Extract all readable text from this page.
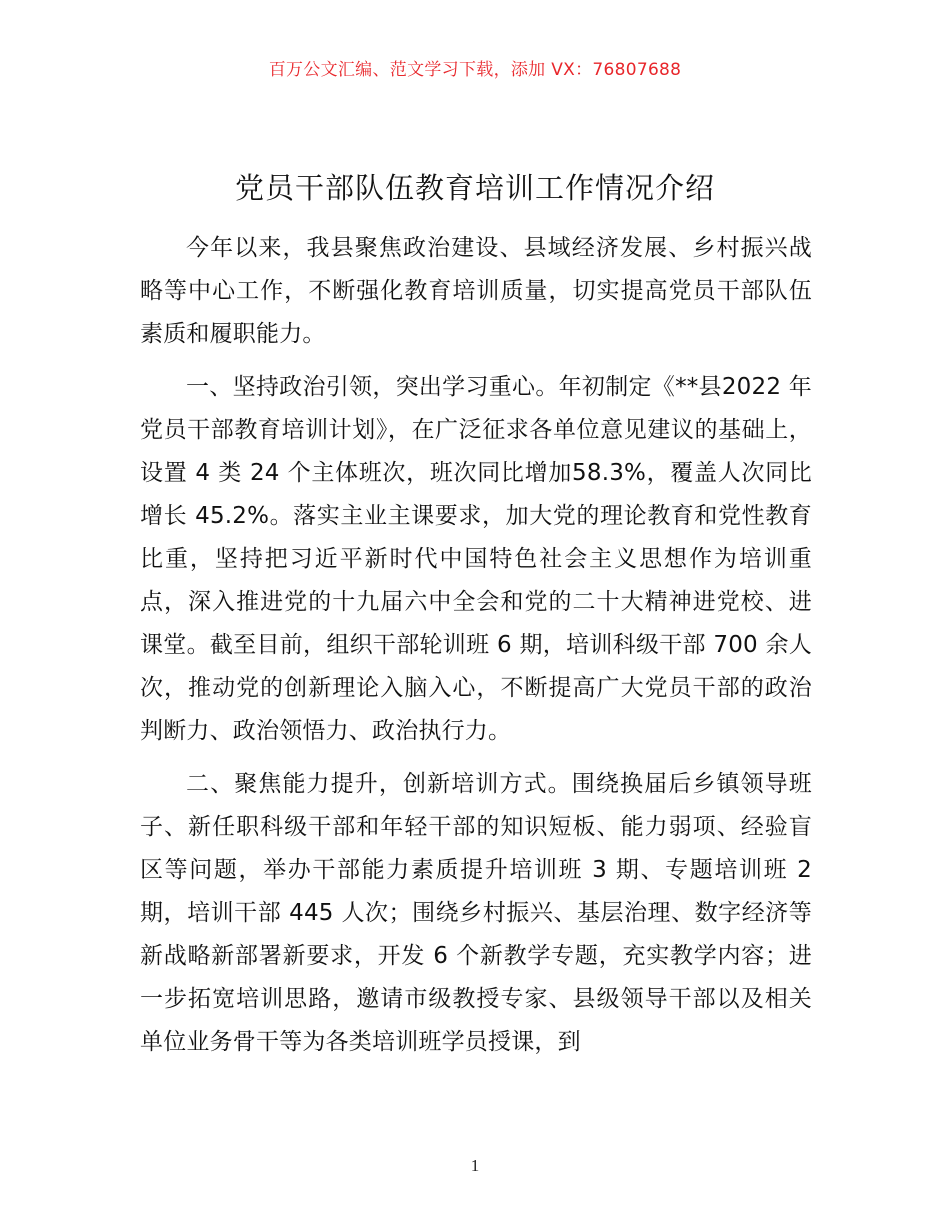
百万公文汇编、范文学习下载，添加 VX：76807688
党员干部队伍教育培训工作情况介绍

今年以来，我县聚焦政治建设、县域经济发展、乡村振兴战略等中心工作，不断强化教育培训质量，切实提高党员干部队伍素质和履职能力。

一、坚持政治引领，突出学习重心。年初制定《**县2022 年党员干部教育培训计划》，在广泛征求各单位意见建议的基础上，设置 4 类 24 个主体班次，班次同比增加58.3%，覆盖人次同比增长 45.2%。落实主业主课要求，加大党的理论教育和党性教育比重，坚持把习近平新时代中国特色社会主义思想作为培训重点，深入推进党的十九届六中全会和党的二十大精神进党校、进课堂。截至目前，组织干部轮训班 6 期，培训科级干部 700 余人次，推动党的创新理论入脑入心，不断提高广大党员干部的政治判断力、政治领悟力、政治执行力。

二、聚焦能力提升，创新培训方式。围绕换届后乡镇领导班子、新任职科级干部和年轻干部的知识短板、能力弱项、经验盲区等问题，举办干部能力素质提升培训班 3 期、专题培训班 2 期，培训干部 445 人次；围绕乡村振兴、基层治理、数字经济等新战略新部署新要求，开发 6 个新教学专题，充实教学内容；进一步拓宽培训思路，邀请市级教授专家、县级领导干部以及相关单位业务骨干等为各类培训班学员授课，到

1
